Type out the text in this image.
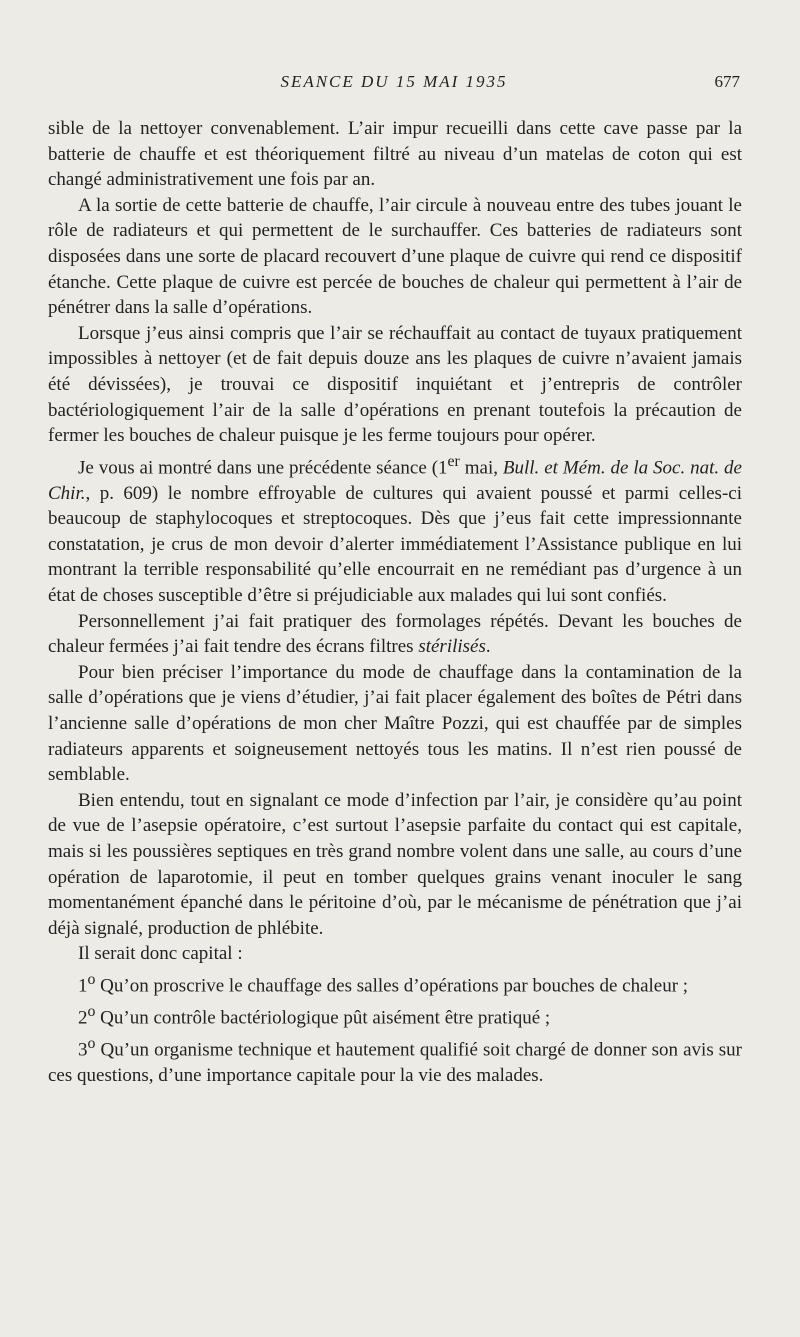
SEANCE DU 15 MAI 1935	677

sible de la nettoyer convenablement. L’air impur recueilli dans cette cave passe par la batterie de chauffe et est théoriquement filtré au niveau d’un matelas de coton qui est changé administrativement une fois par an.

A la sortie de cette batterie de chauffe, l’air circule à nouveau entre des tubes jouant le rôle de radiateurs et qui permettent de le surchauffer. Ces batteries de radiateurs sont disposées dans une sorte de placard recouvert d’une plaque de cuivre qui rend ce dispositif étanche. Cette plaque de cuivre est percée de bouches de chaleur qui permettent à l’air de pénétrer dans la salle d’opérations.

Lorsque j’eus ainsi compris que l’air se réchauffait au contact de tuyaux pratiquement impossibles à nettoyer (et de fait depuis douze ans les plaques de cuivre n’avaient jamais été dévissées), je trouvai ce dispositif inquiétant et j’entrepris de contrôler bactériologiquement l’air de la salle d’opérations en prenant toutefois la précaution de fermer les bouches de chaleur puisque je les ferme toujours pour opérer.

Je vous ai montré dans une précédente séance (1er mai, Bull. et Mém. de la Soc. nat. de Chir., p. 609) le nombre effroyable de cultures qui avaient poussé et parmi celles-ci beaucoup de staphylocoques et streptocoques. Dès que j’eus fait cette impressionnante constatation, je crus de mon devoir d’alerter immédiatement l’Assistance publique en lui montrant la terrible responsabilité qu’elle encourrait en ne remédiant pas d’urgence à un état de choses susceptible d’être si préjudiciable aux malades qui lui sont confiés.

Personnellement j’ai fait pratiquer des formolages répétés. Devant les bouches de chaleur fermées j’ai fait tendre des écrans filtres stérilisés.

Pour bien préciser l’importance du mode de chauffage dans la contamination de la salle d’opérations que je viens d’étudier, j’ai fait placer également des boîtes de Pétri dans l’ancienne salle d’opérations de mon cher Maître Pozzi, qui est chauffée par de simples radiateurs apparents et soigneusement nettoyés tous les matins. Il n’est rien poussé de semblable.

Bien entendu, tout en signalant ce mode d’infection par l’air, je considère qu’au point de vue de l’asepsie opératoire, c’est surtout l’asepsie parfaite du contact qui est capitale, mais si les poussières septiques en très grand nombre volent dans une salle, au cours d’une opération de laparotomie, il peut en tomber quelques grains venant inoculer le sang momentanément épanché dans le péritoine d’où, par le mécanisme de pénétration que j’ai déjà signalé, production de phlébite.

Il serait donc capital :

1$^o$ Qu’on proscrive le chauffage des salles d’opérations par bouches de chaleur ;

2$^o$ Qu’un contrôle bactériologique pût aisément être pratiqué ;

3$^o$ Qu’un organisme technique et hautement qualifié soit chargé de donner son avis sur ces questions, d’une importance capitale pour la vie des malades.
